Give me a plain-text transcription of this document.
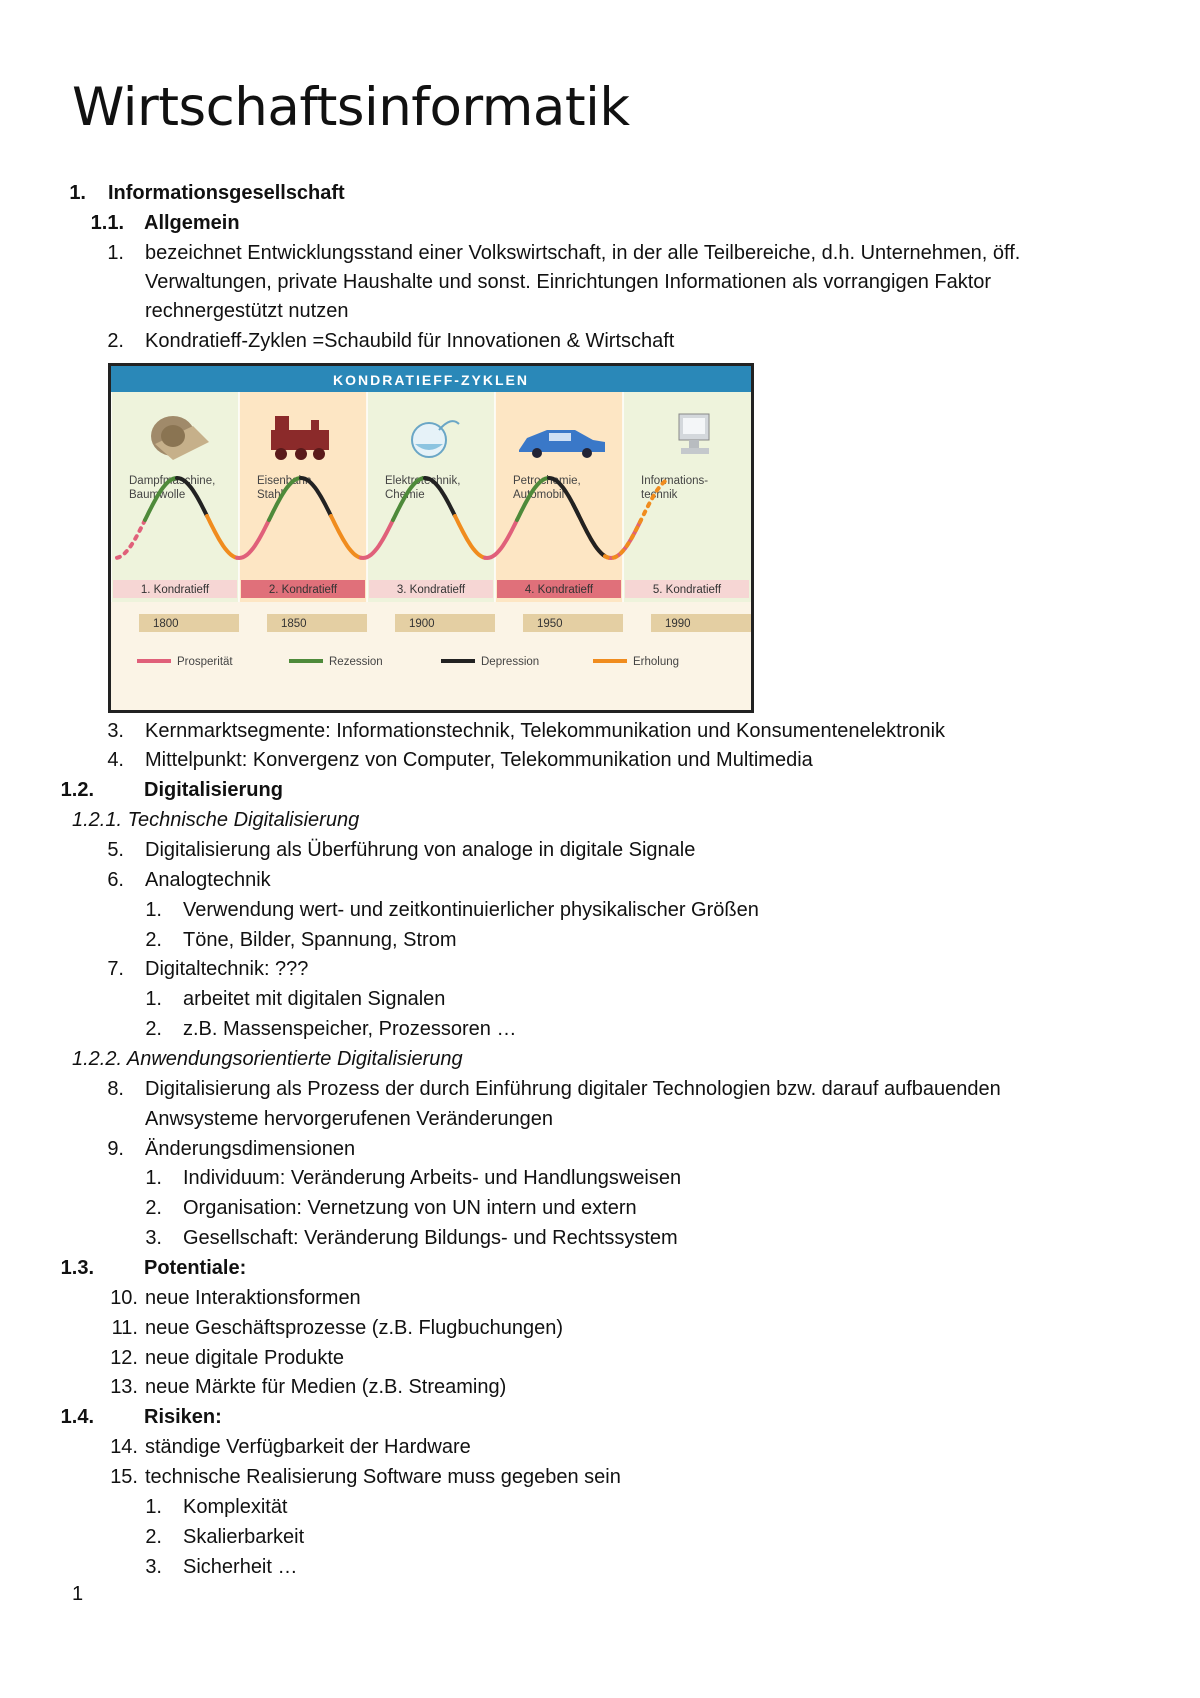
Wirtschaftsinformatik
1. Informationsgesellschaft
1.1. Allgemein
1. bezeichnet Entwicklungsstand einer Volkswirtschaft, in der alle Teilbereiche, d.h. Unternehmen, öff.
Verwaltungen, private Haushalte und sonst. Einrichtungen Informationen als vorrangigen Faktor
rechnergestützt nutzen
2. Kondratieff-Zyklen =Schaubild für Innovationen & Wirtschaft
3. Kernmarktsegmente: Informationstechnik, Telekommunikation und Konsumentenelektronik
4. Mittelpunkt: Konvergenz von Computer, Telekommunikation und Multimedia
1.2.	Digitalisierung
1.2.1. Technische Digitalisierung
5. Digitalisierung als Überführung von analoge in digitale Signale
6. Analogtechnik
1. Verwendung wert- und zeitkontinuierlicher physikalischer Größen
2. Töne, Bilder, Spannung, Strom
7. Digitaltechnik: ???
1. arbeitet mit digitalen Signalen
2. z.B. Massenspeicher, Prozessoren …
1.2.2. Anwendungsorientierte Digitalisierung
8. Digitalisierung als Prozess der durch Einführung digitaler Technologien bzw. darauf aufbauenden
Anwsysteme hervorgerufenen Veränderungen
9. Änderungsdimensionen
1. Individuum: Veränderung Arbeits- und Handlungsweisen
2. Organisation: Vernetzung von UN intern und extern
3. Gesellschaft: Veränderung Bildungs- und Rechtssystem
1.3.	Potentiale:
10. neue Interaktionsformen
11. neue Geschäftsprozesse (z.B. Flugbuchungen)
12. neue digitale Produkte
13. neue Märkte für Medien (z.B. Streaming)
1.4.	Risiken:
14. ständige Verfügbarkeit der Hardware
15. technische Realisierung Software muss gegeben sein
1. Komplexität
2. Skalierbarkeit
3. Sicherheit …
KONDRATIEFF-ZYKLEN
Dampfmaschine,
Baumwolle
Eisenbahn,
Stahl
Elektrotechnik,
Chemie
Petrochemie,
Automobil
Informations-
technik
1. Kondratieff	2. Kondratieff	3. Kondratieff	4. Kondratieff	5. Kondratieff
1800	1850	1900	1950	1990
Prosperität	Rezession	Depression	Erholung
1
